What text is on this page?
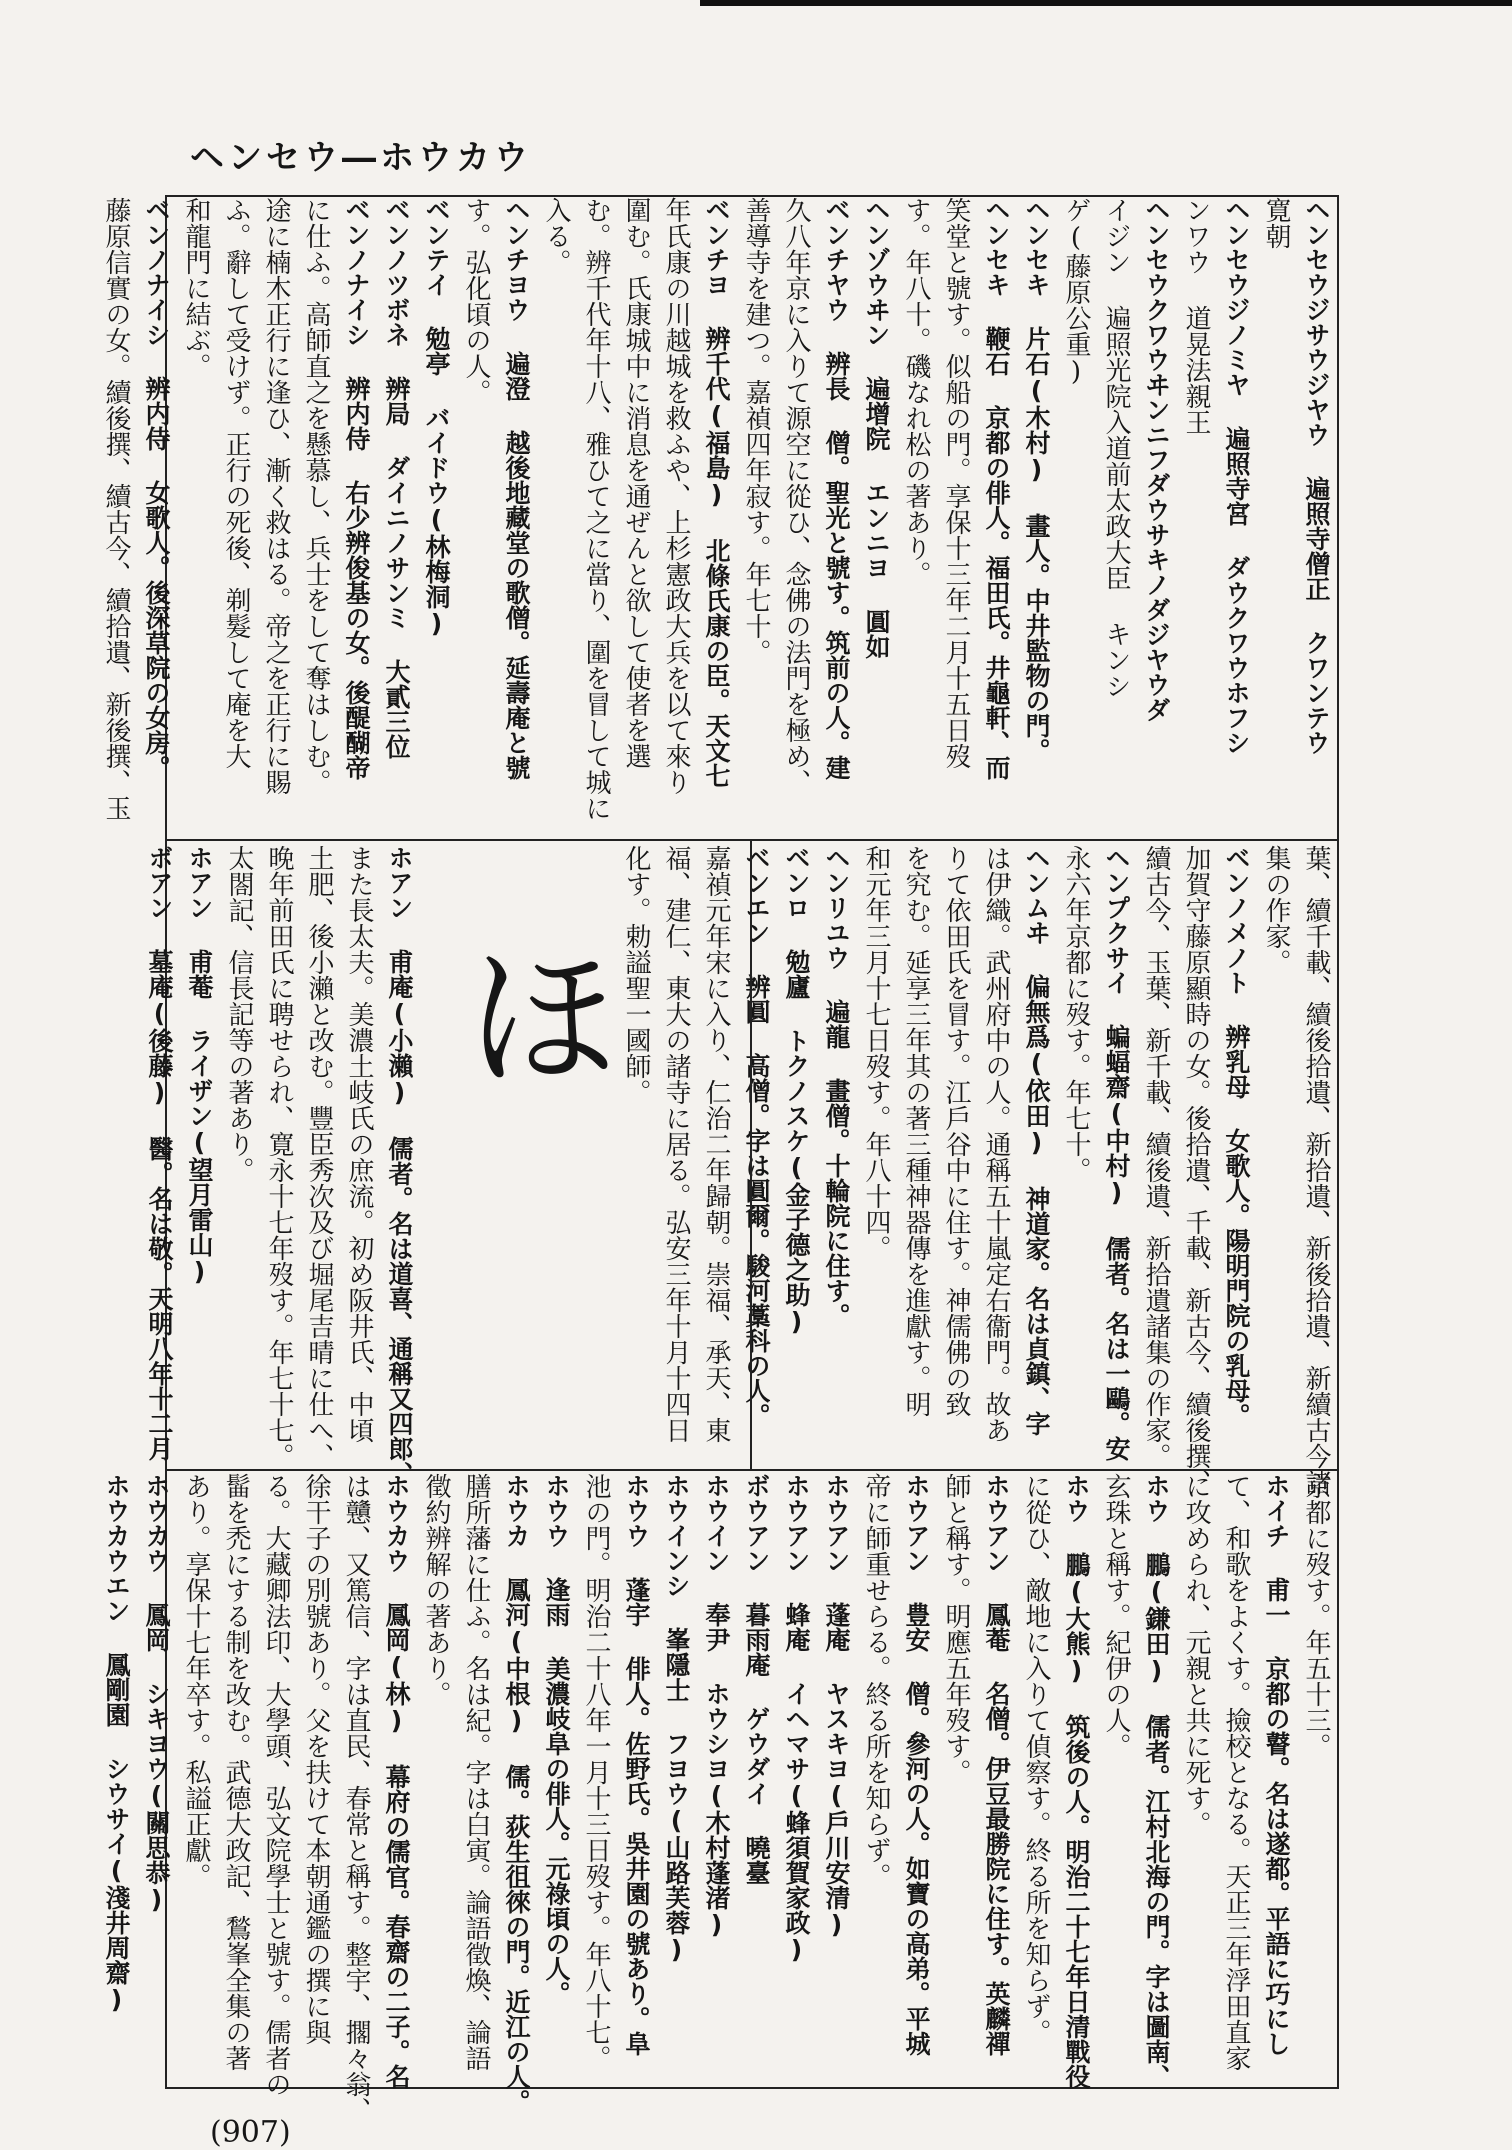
ヘンセウ―ホウカウ
ヘンセウジサウジヤウ 遍照寺僧正 クワンテウ
寛朝
ヘンセウジノミヤ 遍照寺宮 ダウクワウホフシ
ンワウ 道晃法親王
ヘンセウクワウヰンニフダウサキノダジヤウダ
イジン 遍照光院入道前太政大臣 キンシ
ゲ(藤原公重)
ヘンセキ 片石(木村) 畫人。中井監物の門。
ヘンセキ 鞭石 京都の俳人。福田氏。井龜軒、而
笑堂と號す。似船の門。享保十三年二月十五日歿
す。年八十。磯なれ松の著あり。
ヘンゾウヰン 遍增院 エンニヨ 圓如
ベンチヤウ 辨長 僧。聖光と號す。筑前の人。建
久八年京に入りて源空に從ひ、念佛の法門を極め、
善導寺を建つ。嘉禎四年寂す。年七十。
ベンチヨ 辨千代(福島) 北條氏康の臣。天文七
年氏康の川越城を救ふや、上杉憲政大兵を以て來り
圍む。氏康城中に消息を通ぜんと欲して使者を選
む。辨千代年十八、雅ひて之に當り、圍を冒して城に
入る。
ヘンチヨウ 遍澄 越後地藏堂の歌僧。延壽庵と號
す。弘化頃の人。
ベンテイ 勉亭 バイドウ(林梅洞)
ベンノツボネ 辨局 ダイニノサンミ 大貳三位
ベンノナイシ 辨内侍 右少辨俊基の女。後醍醐帝
に仕ふ。高師直之を懸慕し、兵士をして奪はしむ。
途に楠木正行に逢ひ、漸く救はる。帝之を正行に賜
ふ。辭して受けず。正行の死後、剃髮して庵を大
和龍門に結ぶ。
ベンノナイシ 辨内侍 女歌人。後深草院の女房。
藤原信實の女。續後撰、續古今、續拾遺、新後撰、玉
葉、續千載、續後拾遺、新拾遺、新後拾遺、新續古今諸
集の作家。
ベンノメノト 辨乳母 女歌人。陽明門院の乳母。
加賀守藤原顯時の女。後拾遺、千載、新古今、續後撰、
續古今、玉葉、新千載、續後遺、新拾遺諸集の作家。
ヘンプクサイ 蝙蝠齋(中村) 儒者。名は一鷗。安
永六年京都に歿す。年七十。
ヘンムヰ 偏無爲(依田) 神道家。名は貞鎮、字
は伊織。武州府中の人。通稱五十嵐定右衞門。故あ
りて依田氏を冒す。江戶谷中に住す。神儒佛の致
を究む。延享三年其の著三種神器傳を進獻す。明
和元年三月十七日歿す。年八十四。
ヘンリユウ 遍龍 畫僧。十輪院に住す。
ベンロ 勉廬 トクノスケ(金子德之助)
ベンエン 辨圓 高僧。字は圓爾。駿河藁科の人。
嘉禎元年宋に入り、仁治二年歸朝。崇福、承天、東
福、建仁、東大の諸寺に居る。弘安三年十月十四日
化す。勅謚聖一國師。
ほ
ホアン 甫庵(小瀨) 儒者。名は道喜、通稱又四郎、
また長太夫。美濃土岐氏の庶流。初め阪井氏、中頃
土肥、後小瀨と改む。豐臣秀次及び堀尾吉晴に仕へ、
晚年前田氏に聘せられ、寛永十七年歿す。年七十七。
太閤記、信長記等の著あり。
ホアン 甫菴 ライザン(望月雷山)
ボアン 墓庵(後藤) 醫。名は敬。天明八年十二月
京都に歿す。年五十三。
ホイチ 甫一 京都の瞽。名は遂都。平語に巧にし
て、和歌をよくす。撿校となる。天正三年浮田直家
に攻められ、元親と共に死す。
ホウ 鵬(鎌田) 儒者。江村北海の門。字は圖南、
玄珠と稱す。紀伊の人。
ホウ 鵬(大熊) 筑後の人。明治二十七年日清戰役
に從ひ、敵地に入りて偵察す。終る所を知らず。
ホウアン 鳳菴 名僧。伊豆最勝院に住す。英麟禪
師と稱す。明應五年歿す。
ホウアン 豊安 僧。參河の人。如寶の高弟。平城
帝に師重せらる。終る所を知らず。
ホウアン 蓬庵 ヤスキヨ(戶川安清)
ホウアン 蜂庵 イヘマサ(蜂須賀家政)
ボウアン 暮雨庵 ゲウダイ 曉臺
ホウイン 奉尹 ホウシヨ(木村蓬渚)
ホウインシ 峯隱士 フヨウ(山路芙蓉)
ホウウ 蓬宇 俳人。佐野氏。吳井園の號あり。阜
池の門。明治二十八年一月十三日歿す。年八十七。
ホウウ 逢雨 美濃岐阜の俳人。元祿頃の人。
ホウカ 鳳河(中根) 儒。荻生徂徠の門。近江の人。
膳所藩に仕ふ。名は紀。字は白寅。論語徵煥、論語
徵約辨解の著あり。
ホウカウ 鳳岡(林) 幕府の儒官。春齋の二子。名
は戇、又篤信、字は直民、春常と稱す。整宇、擱々翁、
徐干子の別號あり。父を扶けて本朝通鑑の撰に與
る。大藏卿法印、大學頭、弘文院學士と號す。儒者の
髷を禿にする制を改む。武德大政記、鶖峯全集の著
あり。享保十七年卒す。私謚正獻。
ホウカウ 鳳岡 シキヨウ(關思恭)
ホウカウエン 鳳剛園 シウサイ(淺井周齋)
(907)
